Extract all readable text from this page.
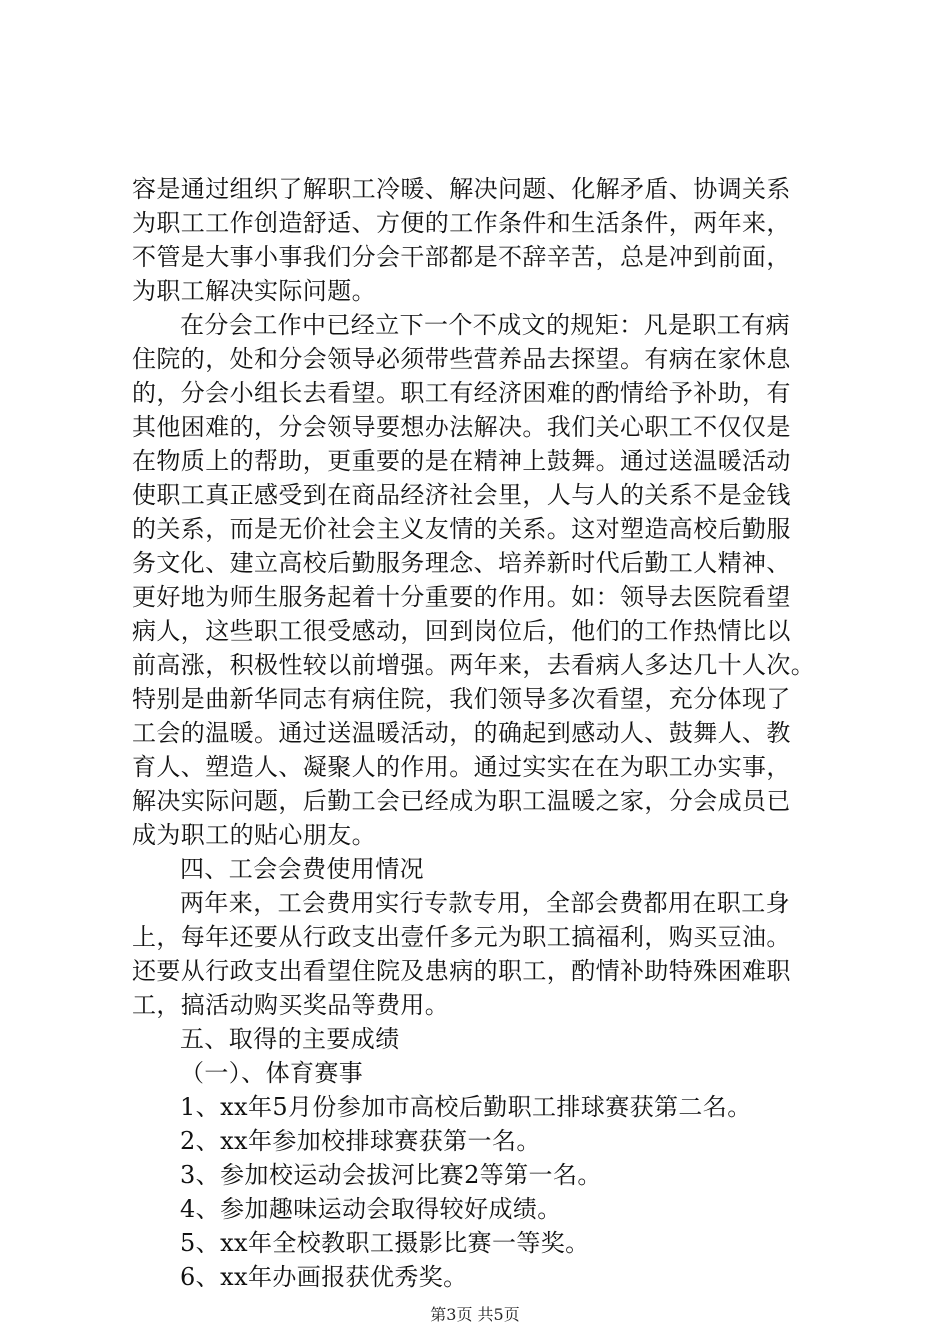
容是通过组织了解职工冷暖、解决问题、化解矛盾、协调关系
为职工工作创造舒适、方便的工作条件和生活条件，两年来，
不管是大事小事我们分会干部都是不辞辛苦，总是冲到前面，
为职工解决实际问题。
在分会工作中已经立下一个不成文的规矩：凡是职工有病
住院的，处和分会领导必须带些营养品去探望。有病在家休息
的，分会小组长去看望。职工有经济困难的酌情给予补助，有
其他困难的，分会领导要想办法解决。我们关心职工不仅仅是
在物质上的帮助，更重要的是在精神上鼓舞。通过送温暖活动
使职工真正感受到在商品经济社会里，人与人的关系不是金钱
的关系，而是无价社会主义友情的关系。这对塑造高校后勤服
务文化、建立高校后勤服务理念、培养新时代后勤工人精神、
更好地为师生服务起着十分重要的作用。如：领导去医院看望
病人，这些职工很受感动，回到岗位后，他们的工作热情比以
前高涨，积极性较以前增强。两年来，去看病人多达几十人次。
特别是曲新华同志有病住院，我们领导多次看望，充分体现了
工会的温暖。通过送温暖活动，的确起到感动人、鼓舞人、教
育人、塑造人、凝聚人的作用。通过实实在在为职工办实事，
解决实际问题，后勤工会已经成为职工温暖之家，分会成员已
成为职工的贴心朋友。
四、工会会费使用情况
两年来，工会费用实行专款专用，全部会费都用在职工身
上，每年还要从行政支出壹仟多元为职工搞福利，购买豆油。
还要从行政支出看望住院及患病的职工，酌情补助特殊困难职
工，搞活动购买奖品等费用。
五、取得的主要成绩
（一）、体育赛事
1、xx年5月份参加市高校后勤职工排球赛获第二名。
2、xx年参加校排球赛获第一名。
3、参加校运动会拔河比赛2等第一名。
4、参加趣味运动会取得较好成绩。
5、xx年全校教职工摄影比赛一等奖。
6、xx年办画报获优秀奖。
第3页 共5页
